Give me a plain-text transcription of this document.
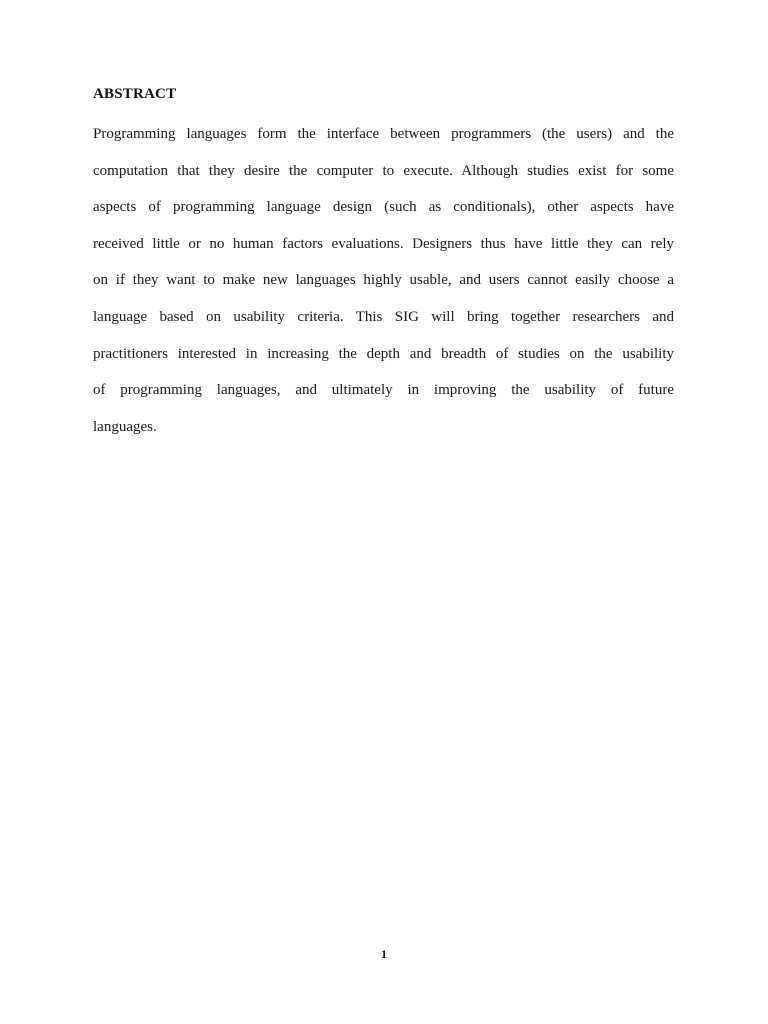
ABSTRACT
Programming languages form the interface between programmers (the users) and the
computation that they desire the computer to execute. Although studies exist for some
aspects of programming language design (such as conditionals), other aspects have
received little or no human factors evaluations. Designers thus have little they can rely
on if they want to make new languages highly usable, and users cannot easily choose a
language based on usability criteria. This SIG will bring together researchers and
practitioners interested in increasing the depth and breadth of studies on the usability
of programming languages, and ultimately in improving the usability of future
languages.

1
